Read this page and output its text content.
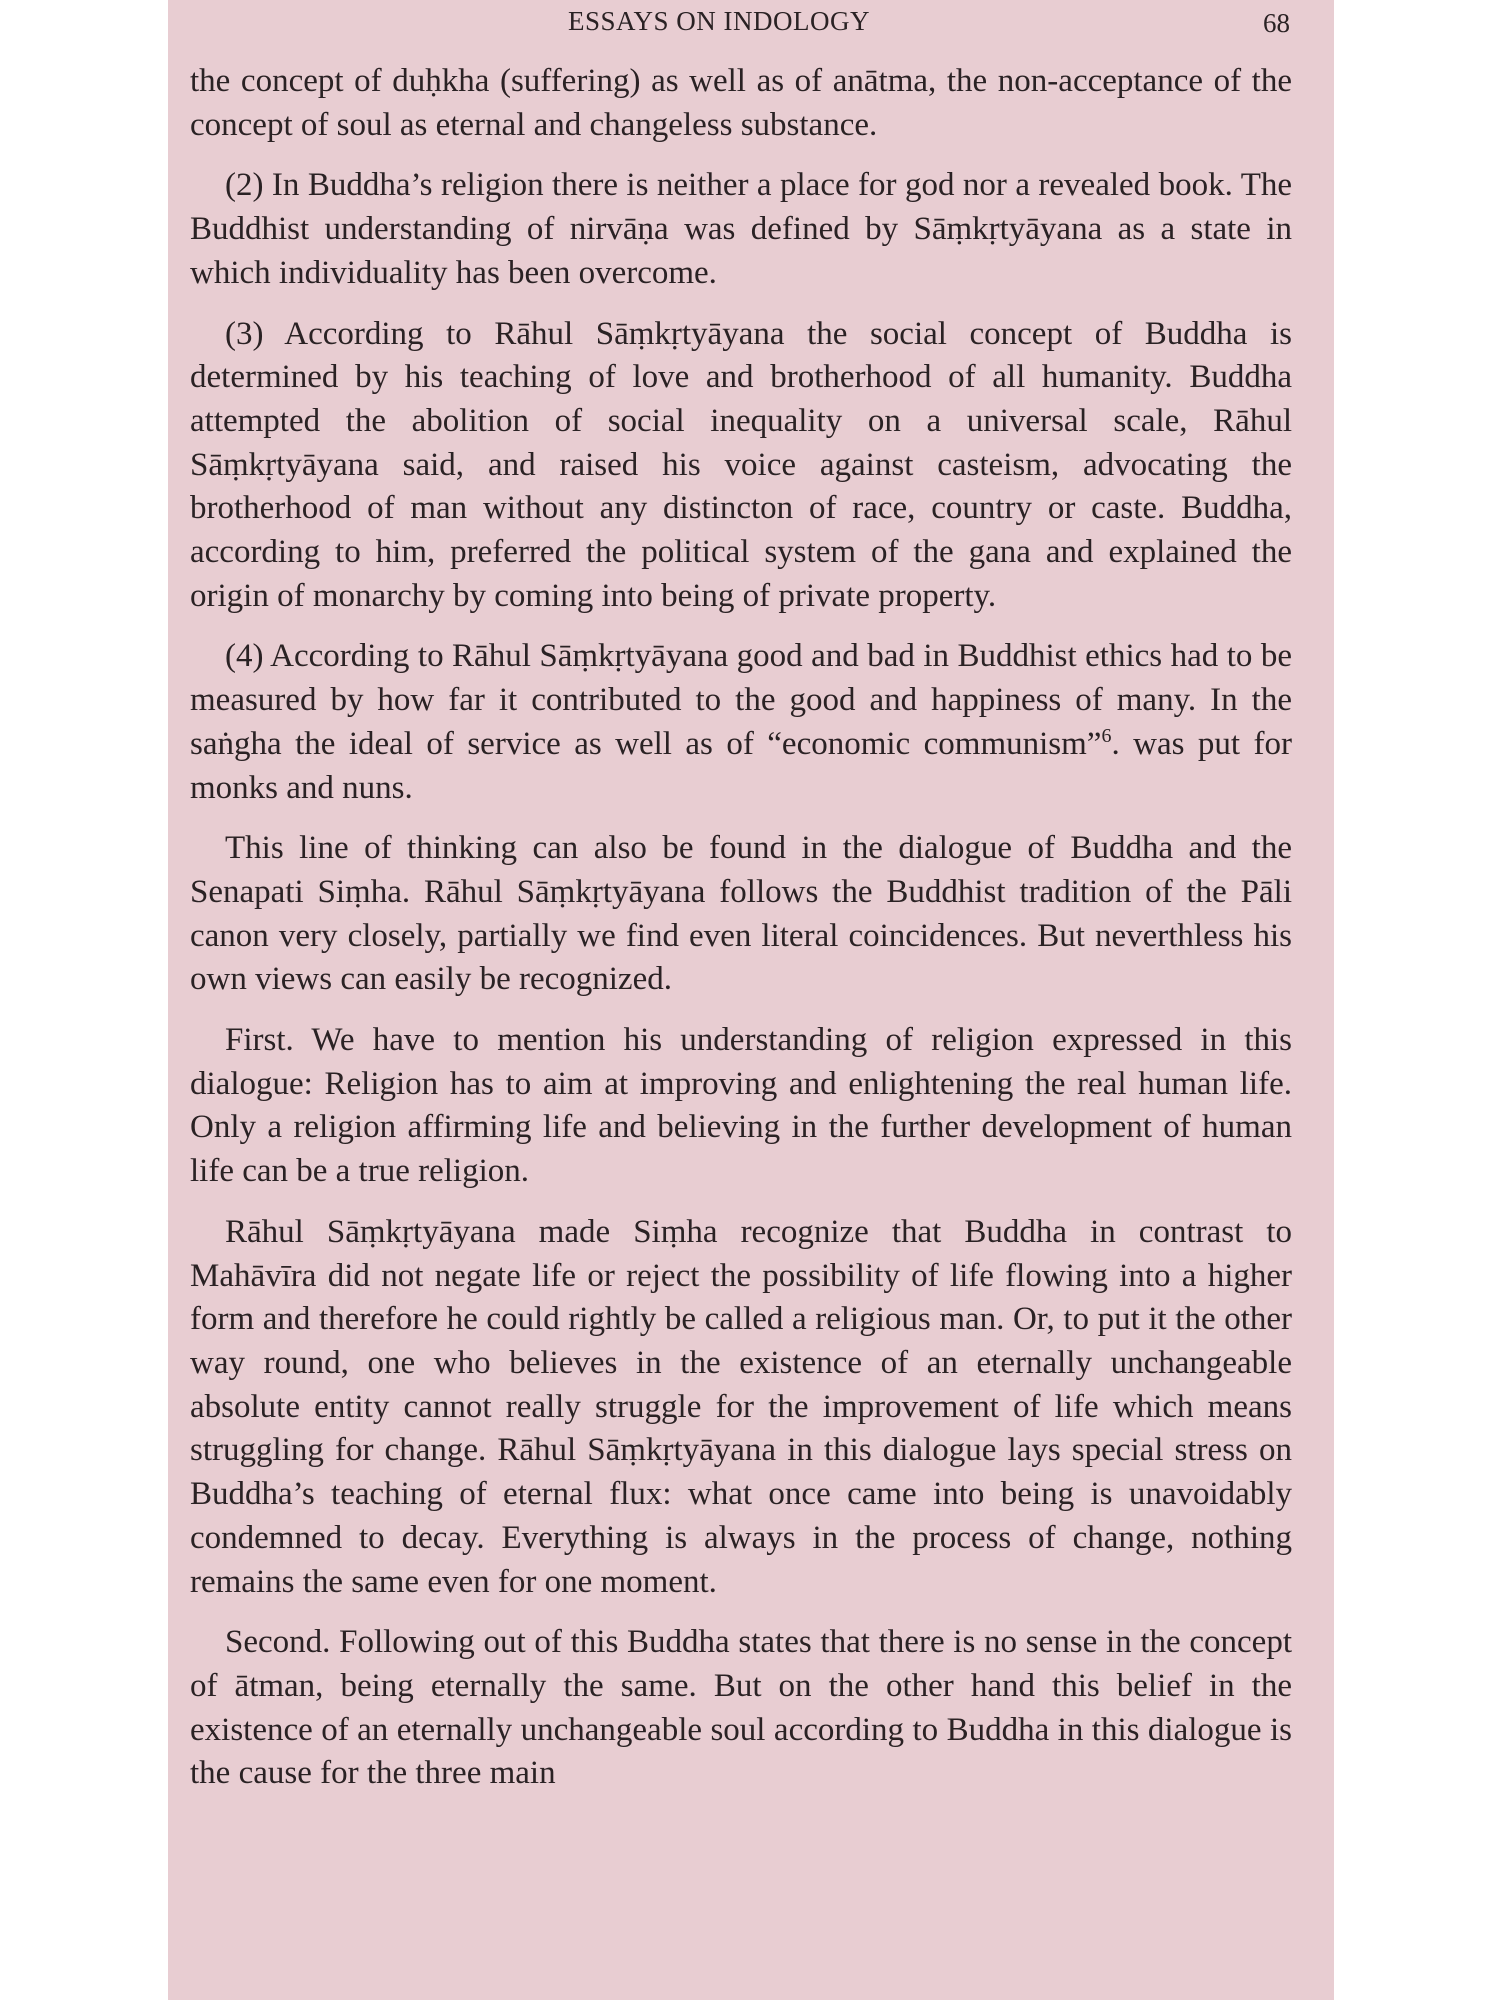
ESSAYS ON INDOLOGY	68

the concept of duḥkha (suffering) as well as of anātma, the non-acceptance of the concept of soul as eternal and changeless substance.

(2) In Buddha’s religion there is neither a place for god nor a revealed book. The Buddhist understanding of nirvāṇa was defined by Sāṃkṛtyāyana as a state in which individuality has been overcome.

(3) According to Rāhul Sāṃkṛtyāyana the social concept of Buddha is determined by his teaching of love and brotherhood of all humanity. Buddha attempted the abolition of social inequality on a universal scale, Rāhul Sāṃkṛtyāyana said, and raised his voice against casteism, advocating the brotherhood of man without any distincton of race, country or caste. Buddha, according to him, preferred the political system of the gana and explained the origin of monarchy by coming into being of private property.

(4) According to Rāhul Sāṃkṛtyāyana good and bad in Buddhist ethics had to be measured by how far it contributed to the good and happiness of many. In the saṅgha the ideal of service as well as of “economic communism”$^6$. was put for monks and nuns.

This line of thinking can also be found in the dialogue of Buddha and the Senapati Siṃha. Rāhul Sāṃkṛtyāyana follows the Buddhist tradition of the Pāli canon very closely, partially we find even literal coincidences. But neverthless his own views can easily be recognized.

First. We have to mention his understanding of religion expressed in this dialogue: Religion has to aim at improving and enlightening the real human life. Only a religion affirming life and believing in the further development of human life can be a true religion.

Rāhul Sāṃkṛtyāyana made Siṃha recognize that Buddha in contrast to Mahāvīra did not negate life or reject the possibility of life flowing into a higher form and therefore he could rightly be called a religious man. Or, to put it the other way round, one who believes in the existence of an eternally unchangeable absolute entity cannot really struggle for the improvement of life which means struggling for change. Rāhul Sāṃkṛtyāyana in this dialogue lays special stress on Buddha’s teaching of eternal flux: what once came into being is unavoidably condemned to decay. Everything is always in the process of change, nothing remains the same even for one moment.

Second. Following out of this Buddha states that there is no sense in the concept of ātman, being eternally the same. But on the other hand this belief in the existence of an eternally unchangeable soul according to Buddha in this dialogue is the cause for the three main
